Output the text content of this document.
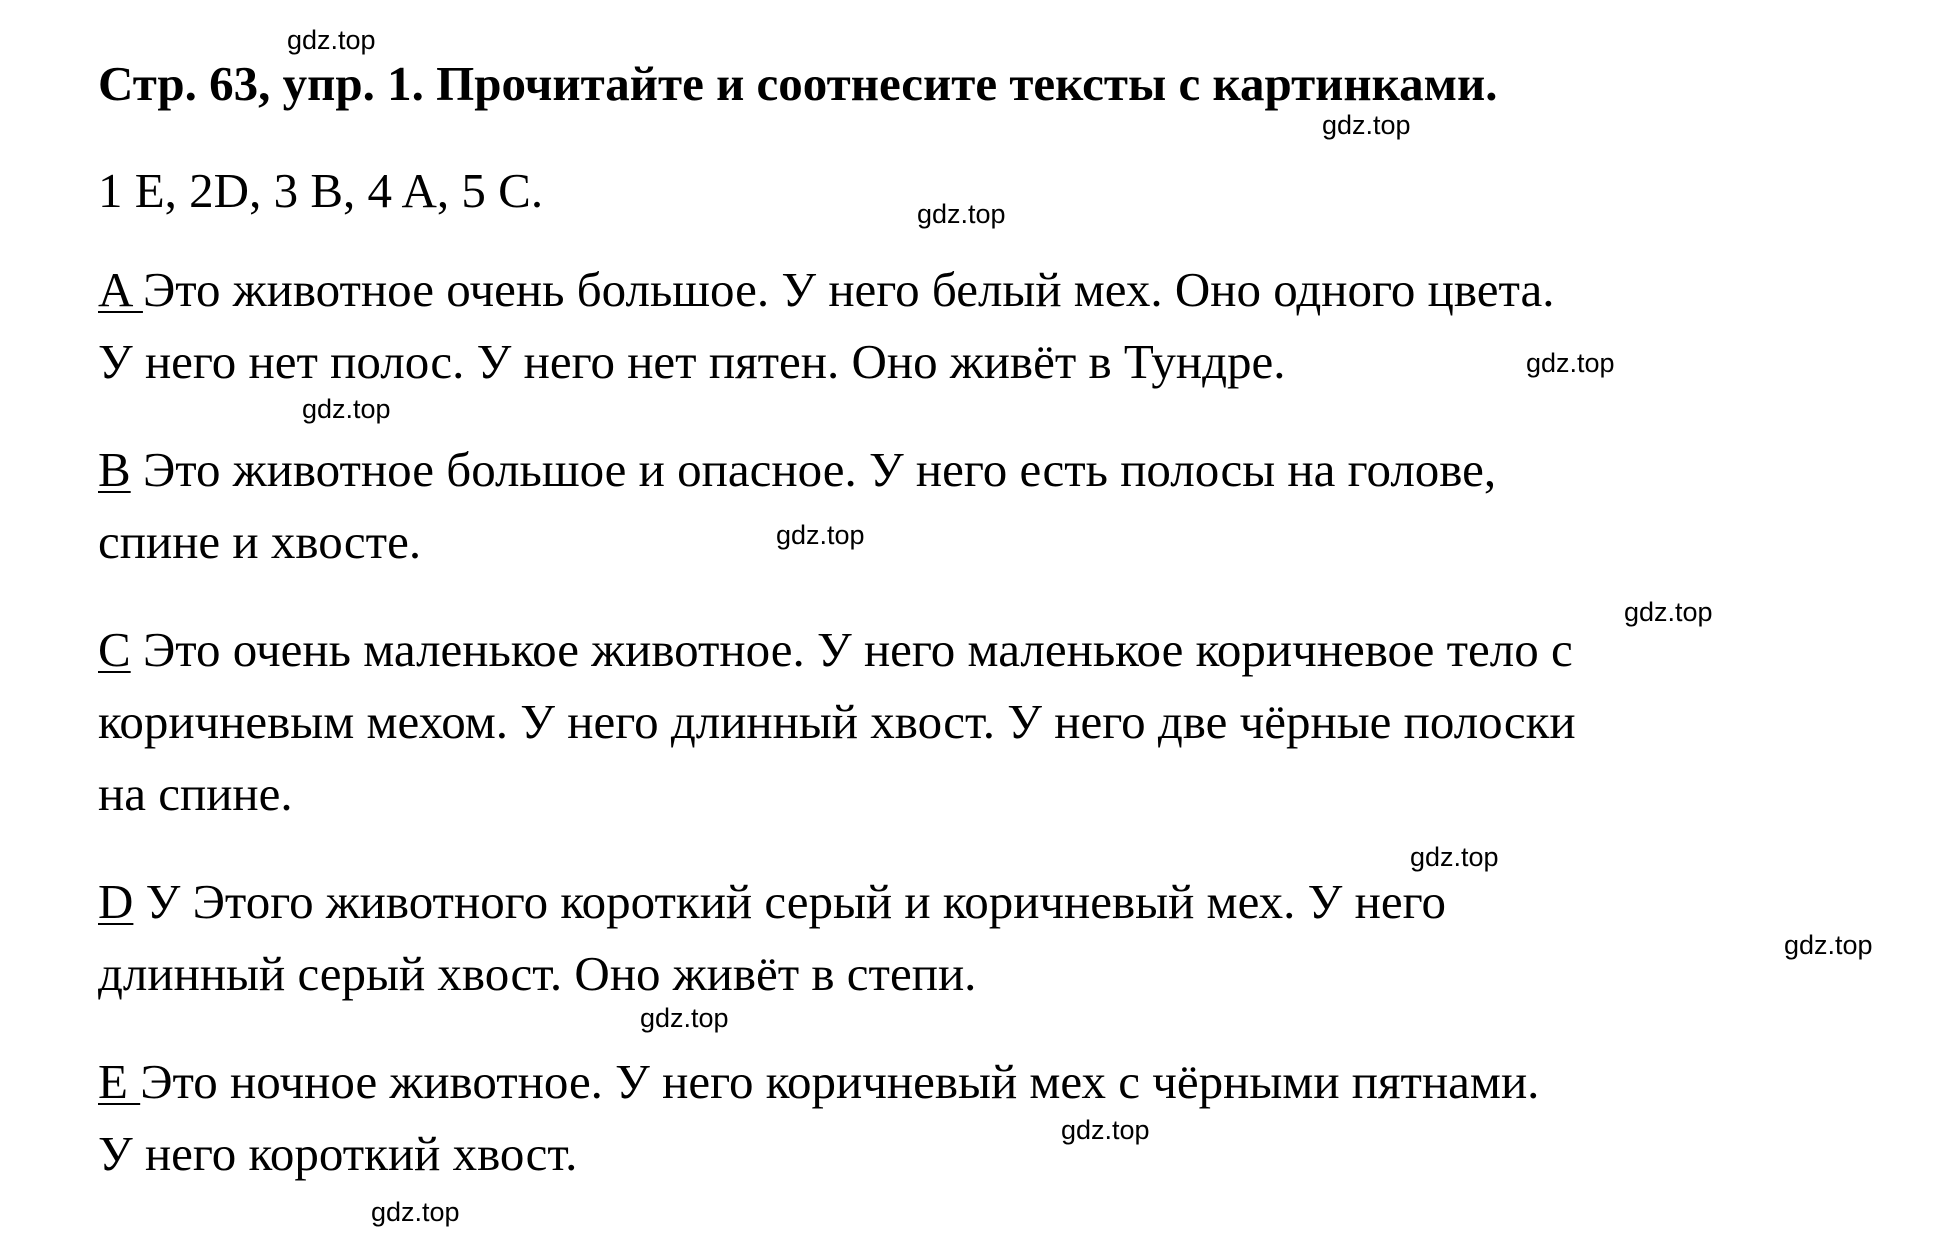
Стр. 63, упр. 1. Прочитайте и соотнесите тексты с картинками.
1 E, 2D, 3 B, 4 A, 5 C.
A Это животное очень большое. У него белый мех. Оно одного цвета.
У него нет полос. У него нет пятен. Оно живёт в Тундре.
B Это животное большое и опасное. У него есть полосы на голове,
спине и хвосте.
C Это очень маленькое животное. У него маленькое коричневое тело с
коричневым мехом. У него длинный хвост. У него две чёрные полоски
на спине.
D У Этого животного короткий серый и коричневый мех. У него
длинный серый хвост. Оно живёт в степи.
E Это ночное животное. У него коричневый мех с чёрными пятнами.
У него короткий хвост.
gdz.top
gdz.top
gdz.top
gdz.top
gdz.top
gdz.top
gdz.top
gdz.top
gdz.top
gdz.top
gdz.top
gdz.top
